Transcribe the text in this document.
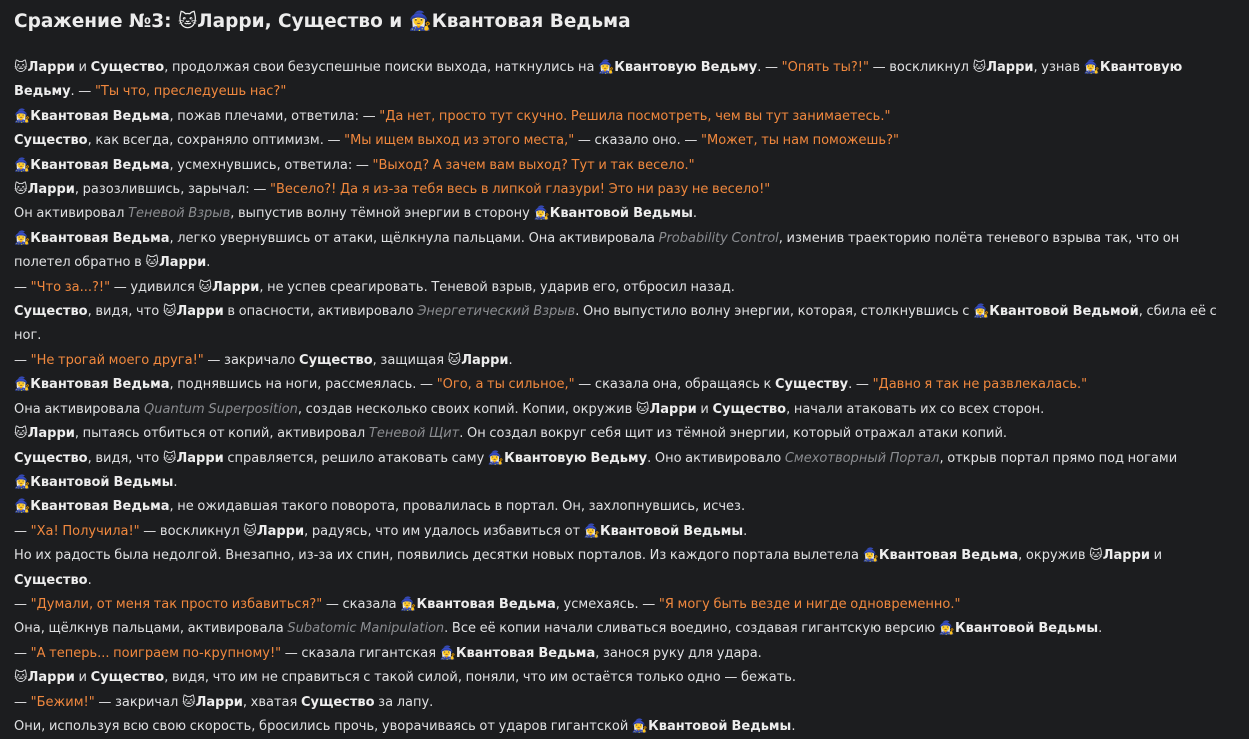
Сражение №3: 🐱Ларри, Существо и 🧙‍♀️Квантовая Ведьма

🐱Ларри и Существо, продолжая свои безуспешные поиски выхода, наткнулись на 🧙‍♀️Квантовую Ведьму. — "Опять ты?!" — воскликнул 🐱Ларри, узнав 🧙‍♀️Квантовую Ведьму. — "Ты что, преследуешь нас?"

🧙‍♀️Квантовая Ведьма, пожав плечами, ответила: — "Да нет, просто тут скучно. Решила посмотреть, чем вы тут занимаетесь."

Существо, как всегда, сохраняло оптимизм. — "Мы ищем выход из этого места," — сказало оно. — "Может, ты нам поможешь?"

🧙‍♀️Квантовая Ведьма, усмехнувшись, ответила: — "Выход? А зачем вам выход? Тут и так весело."

🐱Ларри, разозлившись, зарычал: — "Весело?! Да я из-за тебя весь в липкой глазури! Это ни разу не весело!"

Он активировал Теневой Взрыв, выпустив волну тёмной энергии в сторону 🧙‍♀️Квантовой Ведьмы.

🧙‍♀️Квантовая Ведьма, легко увернувшись от атаки, щёлкнула пальцами. Она активировала Probability Control, изменив траекторию полёта теневого взрыва так, что он полетел обратно в 🐱Ларри.

— "Что за...?!" — удивился 🐱Ларри, не успев среагировать. Теневой взрыв, ударив его, отбросил назад.

Существо, видя, что 🐱Ларри в опасности, активировало Энергетический Взрыв. Оно выпустило волну энергии, которая, столкнувшись с 🧙‍♀️Квантовой Ведьмой, сбила её с ног.

— "Не трогай моего друга!" — закричало Существо, защищая 🐱Ларри.

🧙‍♀️Квантовая Ведьма, поднявшись на ноги, рассмеялась. — "Ого, а ты сильное," — сказала она, обращаясь к Существу. — "Давно я так не развлекалась."

Она активировала Quantum Superposition, создав несколько своих копий. Копии, окружив 🐱Ларри и Существо, начали атаковать их со всех сторон.

🐱Ларри, пытаясь отбиться от копий, активировал Теневой Щит. Он создал вокруг себя щит из тёмной энергии, который отражал атаки копий.

Существо, видя, что 🐱Ларри справляется, решило атаковать саму 🧙‍♀️Квантовую Ведьму. Оно активировало Смехотворный Портал, открыв портал прямо под ногами 🧙‍♀️Квантовой Ведьмы.

🧙‍♀️Квантовая Ведьма, не ожидавшая такого поворота, провалилась в портал. Он, захлопнувшись, исчез.

— "Ха! Получила!" — воскликнул 🐱Ларри, радуясь, что им удалось избавиться от 🧙‍♀️Квантовой Ведьмы.

Но их радость была недолгой. Внезапно, из-за их спин, появились десятки новых порталов. Из каждого портала вылетела 🧙‍♀️Квантовая Ведьма, окружив 🐱Ларри и Существо.

— "Думали, от меня так просто избавиться?" — сказала 🧙‍♀️Квантовая Ведьма, усмехаясь. — "Я могу быть везде и нигде одновременно."

Она, щёлкнув пальцами, активировала Subatomic Manipulation. Все её копии начали сливаться воедино, создавая гигантскую версию 🧙‍♀️Квантовой Ведьмы.

— "А теперь... поиграем по-крупному!" — сказала гигантская 🧙‍♀️Квантовая Ведьма, занося руку для удара.

🐱Ларри и Существо, видя, что им не справиться с такой силой, поняли, что им остаётся только одно — бежать.

— "Бежим!" — закричал 🐱Ларри, хватая Существо за лапу.

Они, используя всю свою скорость, бросились прочь, уворачиваясь от ударов гигантской 🧙‍♀️Квантовой Ведьмы.
